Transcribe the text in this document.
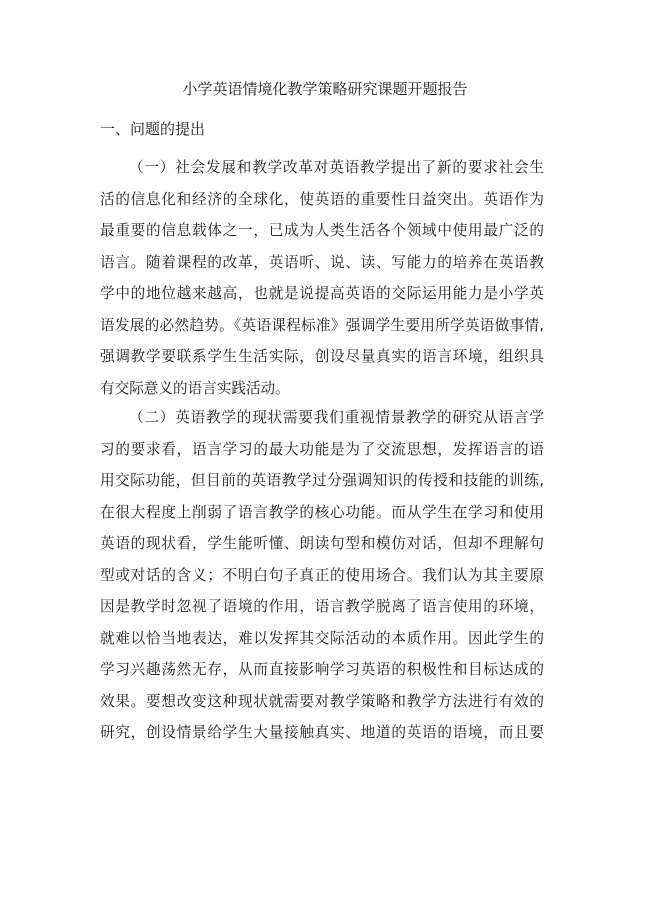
小学英语情境化教学策略研究课题开题报告
一、问题的提出
（一）社会发展和教学改革对英语教学提出了新的要求社会生
活的信息化和经济的全球化，使英语的重要性日益突出。英语作为
最重要的信息载体之一，已成为人类生活各个领域中使用最广泛的
语言。随着课程的改革，英语听、说、读、写能力的培养在英语教
学中的地位越来越高，也就是说提高英语的交际运用能力是小学英
语发展的必然趋势。《英语课程标准》强调学生要用所学英语做事情,
强调教学要联系学生生活实际，创设尽量真实的语言环境，组织具
有交际意义的语言实践活动。
（二）英语教学的现状需要我们重视情景教学的研究从语言学
习的要求看，语言学习的最大功能是为了交流思想，发挥语言的语
用交际功能，但目前的英语教学过分强调知识的传授和技能的训练,
在很大程度上削弱了语言教学的核心功能。而从学生在学习和使用
英语的现状看，学生能听懂、朗读句型和模仿对话，但却不理解句
型或对话的含义；不明白句子真正的使用场合。我们认为其主要原
因是教学时忽视了语境的作用，语言教学脱离了语言使用的环境，
就难以恰当地表达，难以发挥其交际活动的本质作用。因此学生的
学习兴趣荡然无存，从而直接影响学习英语的积极性和目标达成的
效果。要想改变这种现状就需要对教学策略和教学方法进行有效的
研究，创设情景给学生大量接触真实、地道的英语的语境，而且要
